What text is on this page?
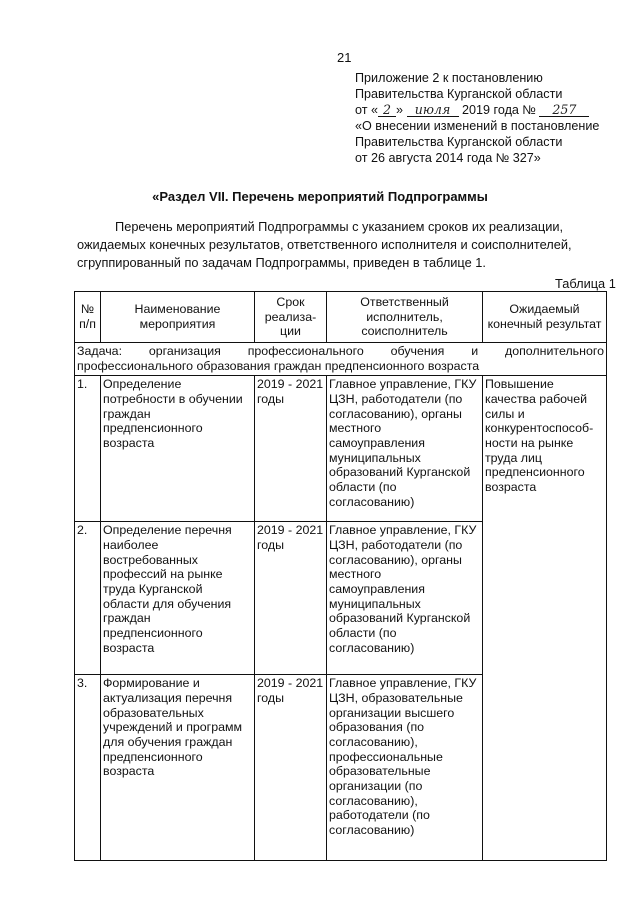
21
Приложение 2 к постановлению
Правительства Курганской области
от « 2 » июля 2019 года № 257
«О внесении изменений в постановление
Правительства Курганской области
от 26 августа 2014 года № 327»
«Раздел VII. Перечень мероприятий Подпрограммы
Перечень мероприятий Подпрограммы с указанием сроков их реализации,
ожидаемых конечных результатов, ответственного исполнителя и соисполнителей,
сгруппированный по задачам Подпрограммы, приведен в таблице 1.
Таблица 1
№ п/п	Наименование мероприятия	Срок реализа-ции	Ответственный исполнитель, соисполнитель	Ожидаемый конечный результат
Задача: организация профессионального обучения и дополнительного профессионального образования граждан предпенсионного возраста				
1.	Определение потребности в обучении граждан предпенсионного возраста	2019 - 2021 годы	Главное управление, ГКУ ЦЗН, работодатели (по согласованию), органы местного самоуправления муниципальных образований Курганской области (по согласованию)	Повышение качества рабочей силы и конкурентоспособ-ности на рынке труда лиц предпенсионного возраста
2.	Определение перечня наиболее востребованных профессий на рынке труда Курганской области для обучения граждан предпенсионного возраста	2019 - 2021 годы	Главное управление, ГКУ ЦЗН, работодатели (по согласованию), органы местного самоуправления муниципальных образований Курганской области (по согласованию)	
3.	Формирование и актуализация перечня образовательных учреждений и программ для обучения граждан предпенсионного возраста	2019 - 2021 годы	Главное управление, ГКУ ЦЗН, образовательные организации высшего образования (по согласованию), профессиональные образовательные организации (по согласованию), работодатели (по согласованию)	
